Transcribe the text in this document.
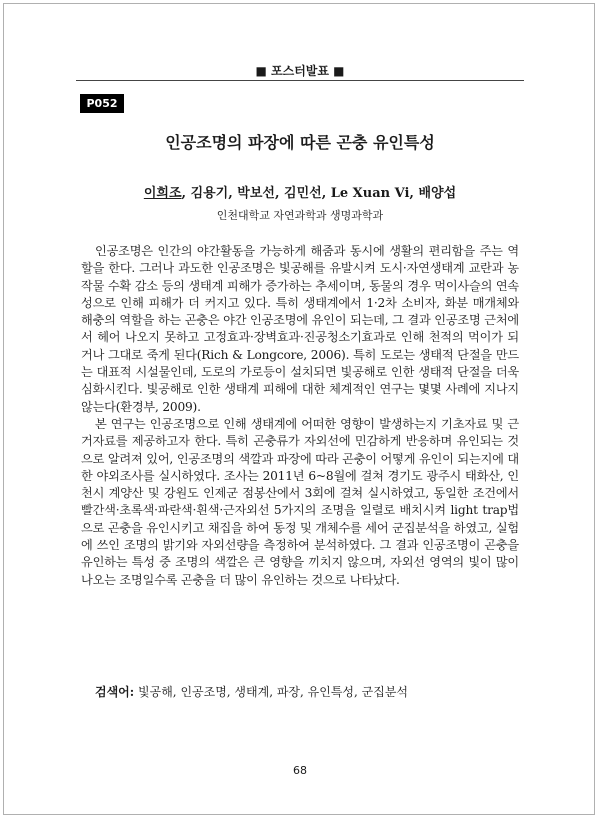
■ 포스터발표 ■
P052
인공조명의 파장에 따른 곤충 유인특성
이희조, 김용기, 박보선, 김민선, Le Xuan Vi, 배양섭
인천대학교 자연과학과 생명과학과

인공조명은 인간의 야간활동을 가능하게 해줌과 동시에 생활의 편리함을 주는 역할을 한다. 그러나 과도한 인공조명은 빛공해를 유발시켜 도시·자연생태계 교란과 농작물 수확 감소 등의 생태계 피해가 증가하는 추세이며, 동물의 경우 먹이사슬의 연속성으로 인해 피해가 더 커지고 있다. 특히 생태계에서 1·2차 소비자, 화분 매개체와 해충의 역할을 하는 곤충은 야간 인공조명에 유인이 되는데, 그 결과 인공조명 근처에서 헤어 나오지 못하고 고정효과·장벽효과·진공청소기효과로 인해 천적의 먹이가 되거나 그대로 죽게 된다(Rich & Longcore, 2006). 특히 도로는 생태적 단절을 만드는 대표적 시설물인데, 도로의 가로등이 설치되면 빛공해로 인한 생태적 단절을 더욱 심화시킨다. 빛공해로 인한 생태계 피해에 대한 체계적인 연구는 몇몇 사례에 지나지 않는다(환경부, 2009).

본 연구는 인공조명으로 인해 생태계에 어떠한 영향이 발생하는지 기초자료 및 근거자료를 제공하고자 한다. 특히 곤충류가 자외선에 민감하게 반응하며 유인되는 것으로 알려져 있어, 인공조명의 색깔과 파장에 따라 곤충이 어떻게 유인이 되는지에 대한 야외조사를 실시하였다. 조사는 2011년 6~8월에 걸쳐 경기도 광주시 태화산, 인천시 계양산 및 강원도 인제군 점봉산에서 3회에 걸쳐 실시하였고, 동일한 조건에서 빨간색·초록색·파란색·흰색·근자외선 5가지의 조명을 일렬로 배치시켜 light trap법으로 곤충을 유인시키고 채집을 하여 동정 및 개체수를 세어 군집분석을 하였고, 실험에 쓰인 조명의 밝기와 자외선량을 측정하여 분석하였다. 그 결과 인공조명이 곤충을 유인하는 특성 중 조명의 색깔은 큰 영향을 끼치지 않으며, 자외선 영역의 빛이 많이 나오는 조명일수록 곤충을 더 많이 유인하는 것으로 나타났다.

검색어: 빛공해, 인공조명, 생태계, 파장, 유인특성, 군집분석
68
